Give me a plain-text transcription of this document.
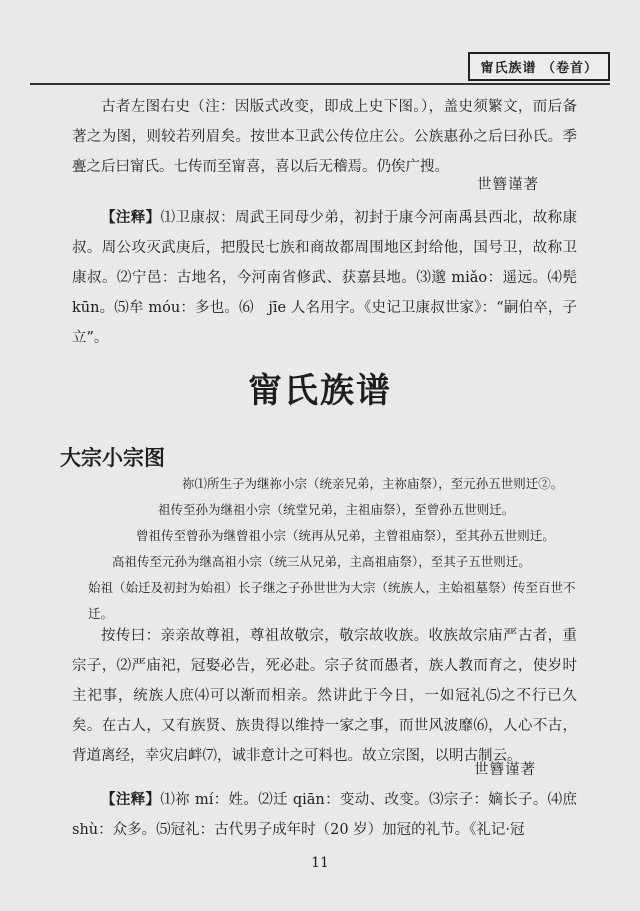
甯氏族谱 （卷首）
古者左图右史（注：因版式改变，即成上史下图。），盖史须繁文，而后备著之为图，则较若列眉矣。按世本卫武公传位庄公。公族惠孙之后曰孙氏。季亹之后曰甯氏。七传而至甯喜，喜以后无稽焉。仍俟广搜。
世簪谨著
【注释】⑴卫康叔：周武王同母少弟，初封于康今河南禹县西北，故称康叔。周公攻灭武庚后，把殷民七族和商故都周围地区封给他，国号卫，故称卫康叔。⑵宁邑：古地名，今河南省修武、获嘉县地。⑶邈 miǎo：遥远。⑷髡 kūn。⑸牟 móu：多也。⑹　jīe 人名用字。《史记卫康叔世家》：“嗣伯卒，子　立”。
甯氏族谱
大宗小宗图
祢⑴所生子为继祢小宗（统亲兄弟，主祢庙祭），至元孙五世则迁②。
祖传至孙为继祖小宗（统堂兄弟，主祖庙祭），至曾孙五世则迁。
曾祖传至曾孙为继曾祖小宗（统再从兄弟，主曾祖庙祭），至其孙五世则迁。
高祖传至元孙为继高祖小宗（统三从兄弟，主高祖庙祭），至其子五世则迁。
始祖（始迁及初封为始祖）长子继之子孙世世为大宗（统族人，主始祖墓祭）传至百世不
迁。
按传曰：亲亲故尊祖，尊祖故敬宗，敬宗故收族。收族故宗庙严古者，重宗子，⑵严庙祀，冠娶必告，死必赴。宗子贫而愚者，族人教而育之，使岁时主祀事，统族人庶⑷可以渐而相亲。然讲此于今日，一如冠礼⑸之不行已久矣。在古人，又有族贤、族贵得以维持一家之事，而世风波靡⑹，人心不古，背道离经，幸灾启衅⑺，诚非意计之可料也。故立宗图，以明古制云。
世簪谨著
【注释】⑴祢 mí：姓。⑵迁 qiān：变动、改变。⑶宗子：嫡长子。⑷庶 shù：众多。⑸冠礼：古代男子成年时（20 岁）加冠的礼节。《礼记·冠
11
